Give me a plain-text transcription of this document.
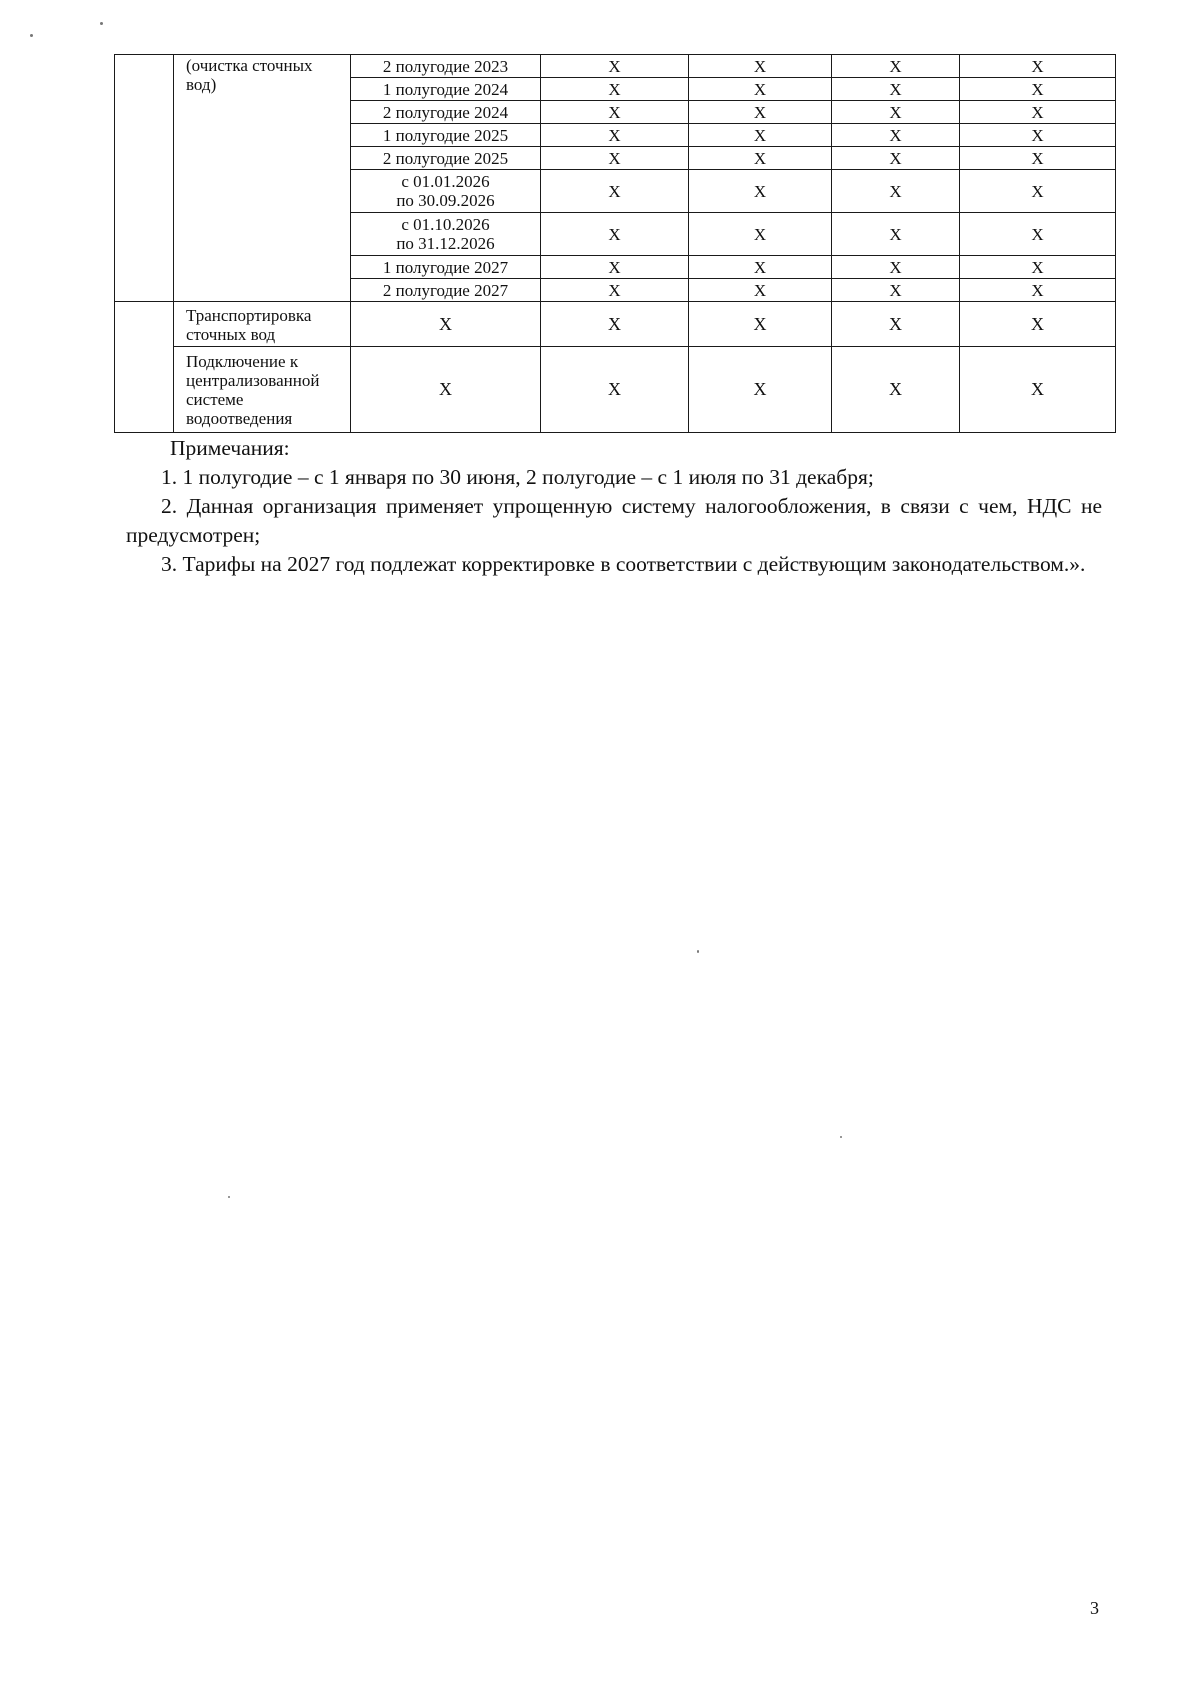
	(очистка сточных вод)	2 полугодие 2023	Х	Х	Х	Х
		1 полугодие 2024	Х	Х	Х	Х
		2 полугодие 2024	Х	Х	Х	Х
		1 полугодие 2025	Х	Х	Х	Х
		2 полугодие 2025	Х	Х	Х	Х

		с 01.01.2026
по 30.09.2026	Х	Х	Х	Х

		с 01.10.2026
по 31.12.2026	Х	Х	Х	Х
		1 полугодие 2027	Х	Х	Х	Х
		2 полугодие 2027	Х	Х	Х	Х
	Транспортировка сточных вод	Х	Х	Х	Х	Х
	Подключение к централизованной системе водоотведения	Х	Х	Х	Х	Х
Примечания:
1. 1 полугодие – с 1 января по 30 июня, 2 полугодие – с 1 июля по 31 декабря;
2. Данная организация применяет упрощенную систему налогообложения, в связи с чем, НДС не предусмотрен;
3. Тарифы на 2027 год подлежат корректировке в соответствии с действующим законодательством.».
3
